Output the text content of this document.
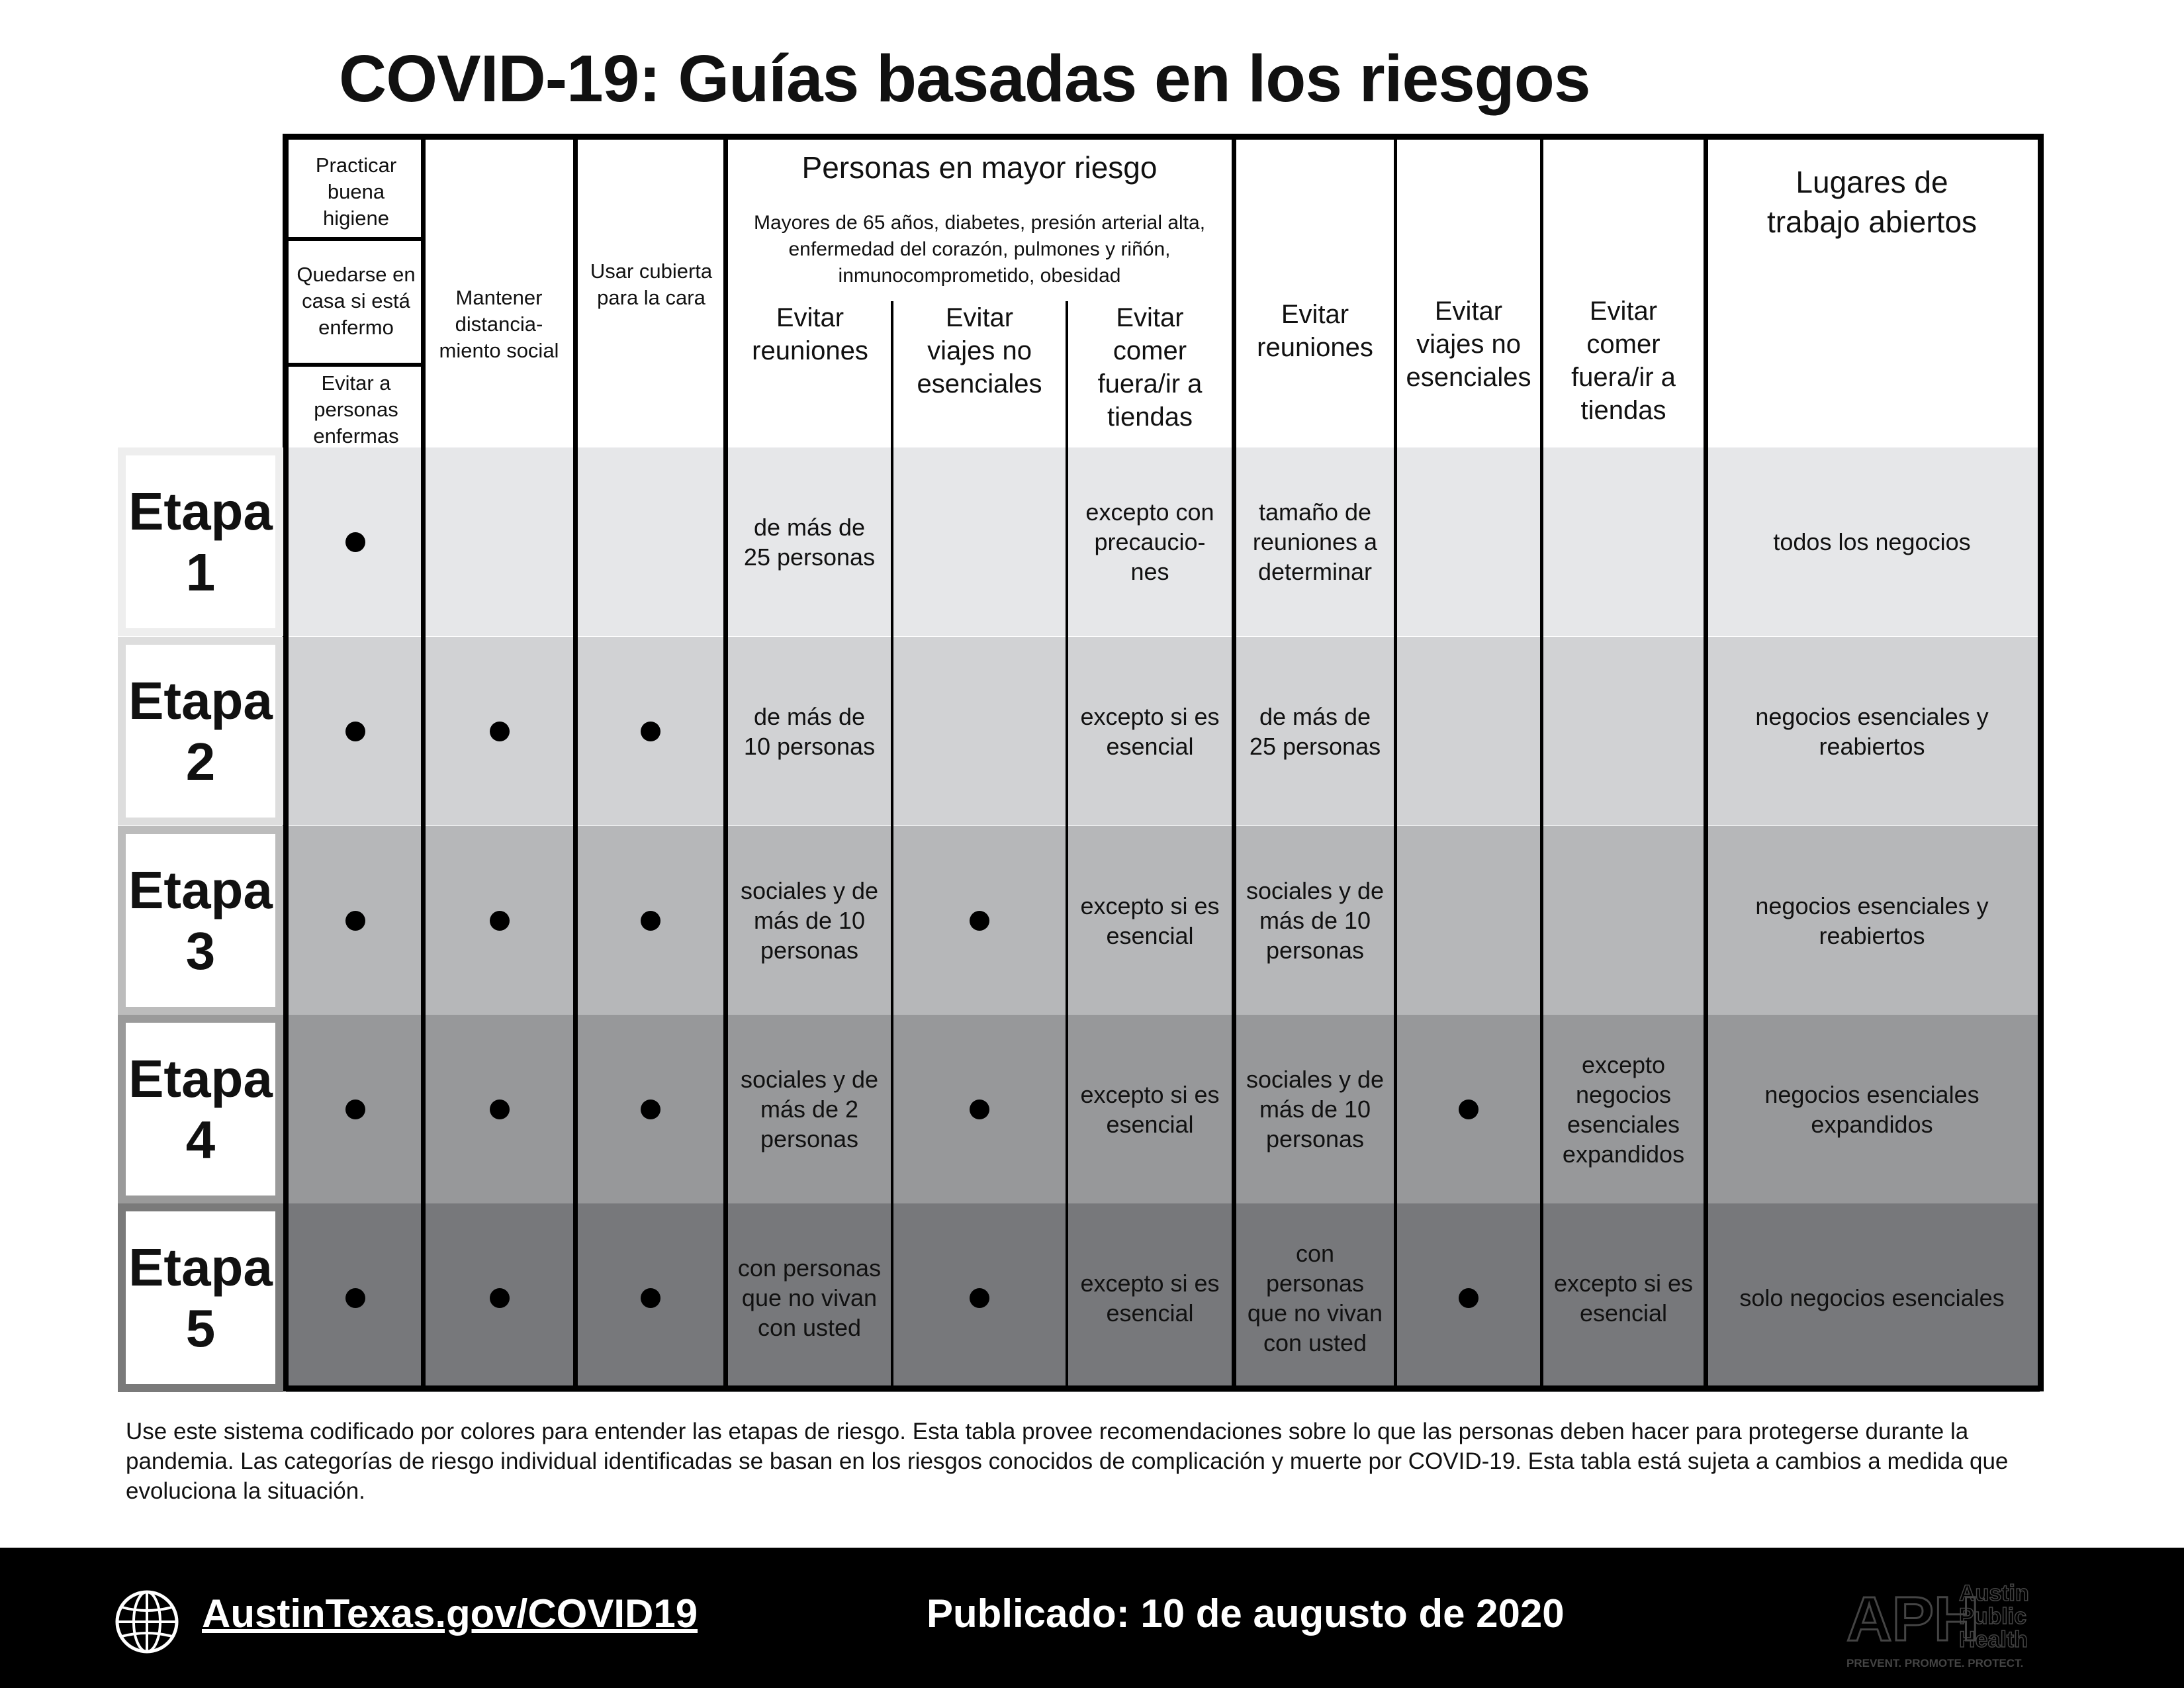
COVID-19: Guías basadas en los riesgos
Practicar buena higiene
Quedarse en casa si está enfermo
Evitar a personas enfermas
Mantener distancia-miento social
Usar cubierta para la cara
Personas en mayor riesgo
Mayores de 65 años, diabetes, presión arterial alta, enfermedad del corazón, pulmones y riñón, inmunocomprometido, obesidad
Evitar reuniones
Evitar viajes no esenciales
Evitar comer fuera/ir a tiendas
Evitar reuniones
Evitar viajes no esenciales
Evitar comer fuera/ir a tiendas
Lugares de trabajo abiertos
Etapa
1
de más de 25 personas
excepto con precaucio-nes
tamaño de reuniones a determinar
todos los negocios
Etapa
2
de más de 10 personas
excepto si es esencial
de más de 25 personas
negocios esenciales y reabiertos
Etapa
3
sociales y de más de 10 personas
excepto si es esencial
sociales y de más de 10 personas
negocios esenciales y reabiertos
Etapa
4
sociales y de más de 2 personas
excepto si es esencial
sociales y de más de 10 personas
excepto negocios esenciales expandidos
negocios esenciales expandidos
Etapa
5
con personas que no vivan con usted
excepto si es esencial
con personas que no vivan con usted
excepto si es esencial
solo negocios esenciales
Use este sistema codificado por colores para entender las etapas de riesgo. Esta tabla provee recomendaciones sobre lo que las personas deben hacer para protegerse durante la pandemia. Las categorías de riesgo individual identificadas se basan en los riesgos conocidos de complicación y muerte por COVID-19. Esta tabla está sujeta a cambios a medida que evoluciona la situación.
AustinTexas.gov/COVID19	Publicado: 10 de augusto de 2020	APH
Austin
Public
Health
PREVENT. PROMOTE. PROTECT.
